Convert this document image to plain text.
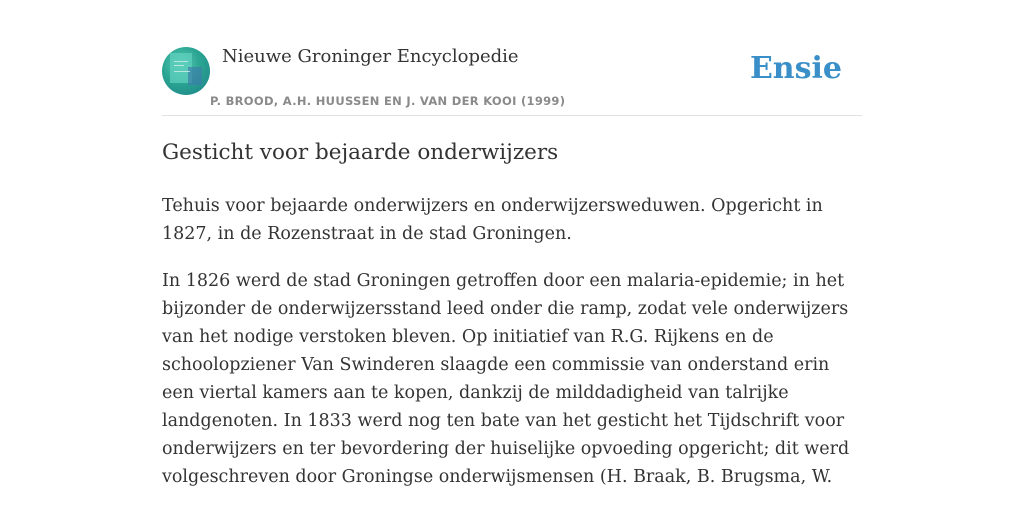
Nieuwe Groninger Encyclopedie
P. BROOD, A.H. HUUSSEN EN J. VAN DER KOOI (1999)
Ensie
Gesticht voor bejaarde onderwijzers

Tehuis voor bejaarde onderwijzers en onderwijzersweduwen. Opgericht in 1827, in de Rozenstraat in de stad Groningen.

In 1826 werd de stad Groningen getroffen door een malaria-epidemie; in het bijzonder de onderwijzersstand leed onder die ramp, zodat vele onderwijzers van het nodige verstoken bleven. Op initiatief van R.G. Rijkens en de schoolopziener Van Swinderen slaagde een commissie van onderstand erin een viertal kamers aan te kopen, dankzij de milddadigheid van talrijke landgenoten. In 1833 werd nog ten bate van het gesticht het Tijdschrift voor onderwijzers en ter bevordering der huiselijke opvoeding opgericht; dit werd volgeschreven door Groningse onderwijsmensen (H. Braak, B. Brugsma, W.
